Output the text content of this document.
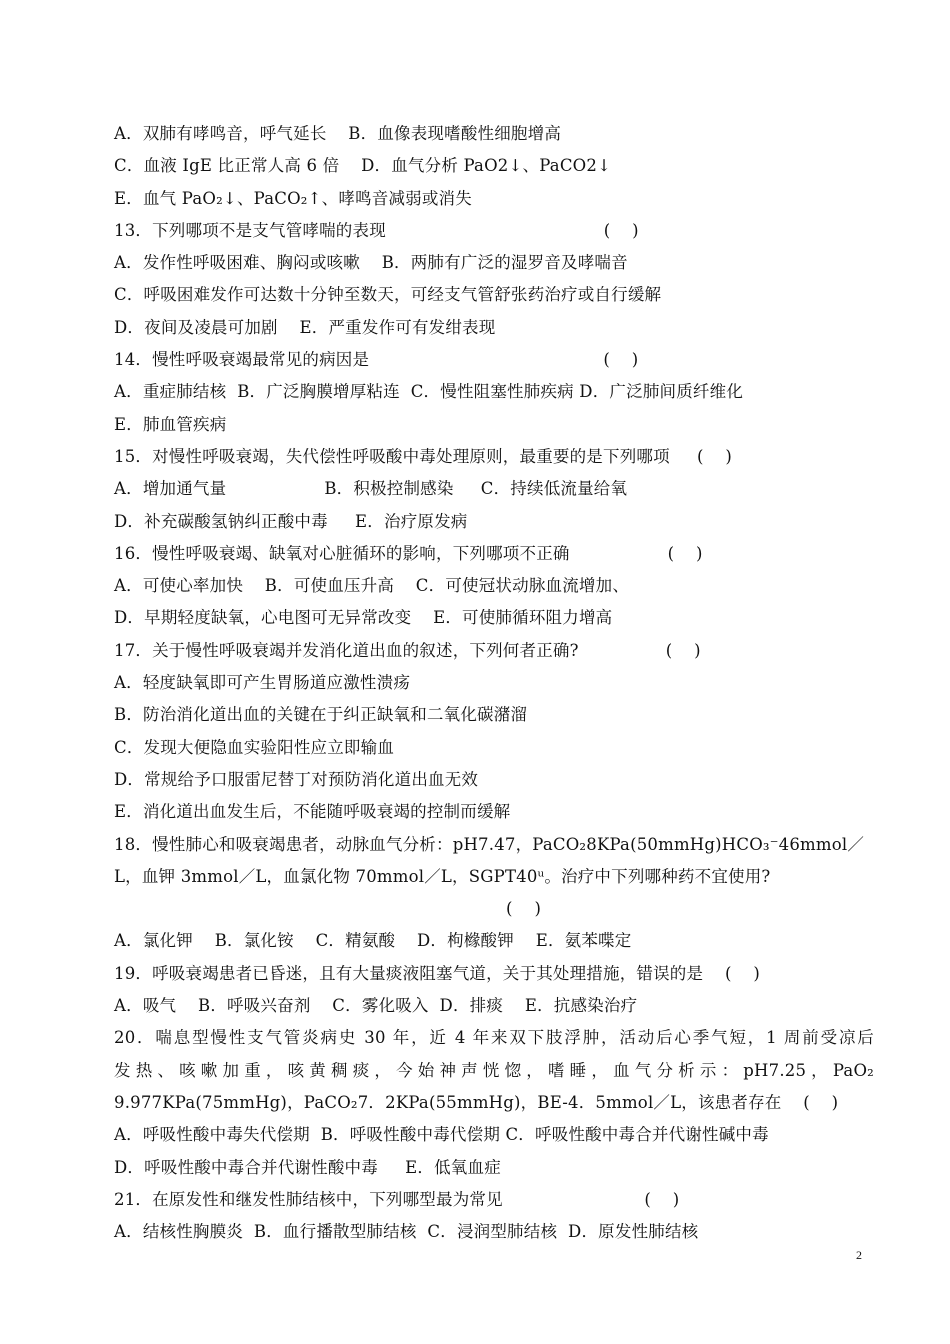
A．双肺有哮鸣音，呼气延长    B．血像表现嗜酸性细胞增高
C．血液 IgE 比正常人高 6 倍    D．血气分析 PaO2↓、PaCO2↓
E．血气 PaO₂↓、PaCO₂↑、哮鸣音减弱或消失
13．下列哪项不是支气管哮喘的表现                                        (    )
A．发作性呼吸困难、胸闷或咳嗽    B．两肺有广泛的湿罗音及哮喘音
C．呼吸困难发作可达数十分钟至数天，可经支气管舒张药治疗或自行缓解
D．夜间及凌晨可加剧    E．严重发作可有发绀表现
14．慢性呼吸衰竭最常见的病因是                                           (    )
A．重症肺结核  B．广泛胸膜增厚粘连  C．慢性阻塞性肺疾病 D．广泛肺间质纤维化
E．肺血管疾病
15．对慢性呼吸衰竭，失代偿性呼吸酸中毒处理原则，最重要的是下列哪项     (    )
A．增加通气量                  B．积极控制感染     C．持续低流量给氧
D．补充碳酸氢钠纠正酸中毒     E．治疗原发病
16．慢性呼吸衰竭、缺氧对心脏循环的影响，下列哪项不正确                  (    )
A．可使心率加快    B．可使血压升高    C．可使冠状动脉血流增加、
D．早期轻度缺氧，心电图可无异常改变    E．可使肺循环阻力增高
17．关于慢性呼吸衰竭并发消化道出血的叙述，下列何者正确?                (    )
A．轻度缺氧即可产生胃肠道应激性溃疡
B．防治消化道出血的关键在于纠正缺氧和二氧化碳潴溜
C．发现大便隐血实验阳性应立即输血
D．常规给予口服雷尼替丁对预防消化道出血无效
E．消化道出血发生后，不能随呼吸衰竭的控制而缓解
18．慢性肺心和吸衰竭患者，动脉血气分析：pH7.47，PaCO₂8KPa(50mmHg)HCO₃⁻46mmol／
L，血钾 3mmol／L，血氯化物 70mmol／L，SGPT40ᵘ。治疗中下列哪种药不宜使用?
(    )
A．氯化钾    B．氯化铵    C．精氨酸    D．枸橼酸钾    E．氨苯喋定
19．呼吸衰竭患者已昏迷，且有大量痰液阻塞气道，关于其处理措施，错误的是    (    )
A．吸气    B．呼吸兴奋剂    C．雾化吸入  D．排痰    E．抗感染治疗
20．喘息型慢性支气管炎病史 30 年，近 4 年来双下肢浮肿，活动后心季气短，1 周前受凉后
发热、咳嗽加重，咳黄稠痰，今始神声恍惚，嗜睡，血气分析示：pH7.25，PaO₂
9.977KPa(75mmHg)，PaCO₂7．2KPa(55mmHg)，BE-4．5mmol／L，该患者存在    (    )
A．呼吸性酸中毒失代偿期  B．呼吸性酸中毒代偿期 C．呼吸性酸中毒合并代谢性碱中毒
D．呼吸性酸中毒合并代谢性酸中毒     E．低氧血症
21．在原发性和继发性肺结核中，下列哪型最为常见                          (    )
A．结核性胸膜炎  B．血行播散型肺结核  C．浸润型肺结核  D．原发性肺结核
2
